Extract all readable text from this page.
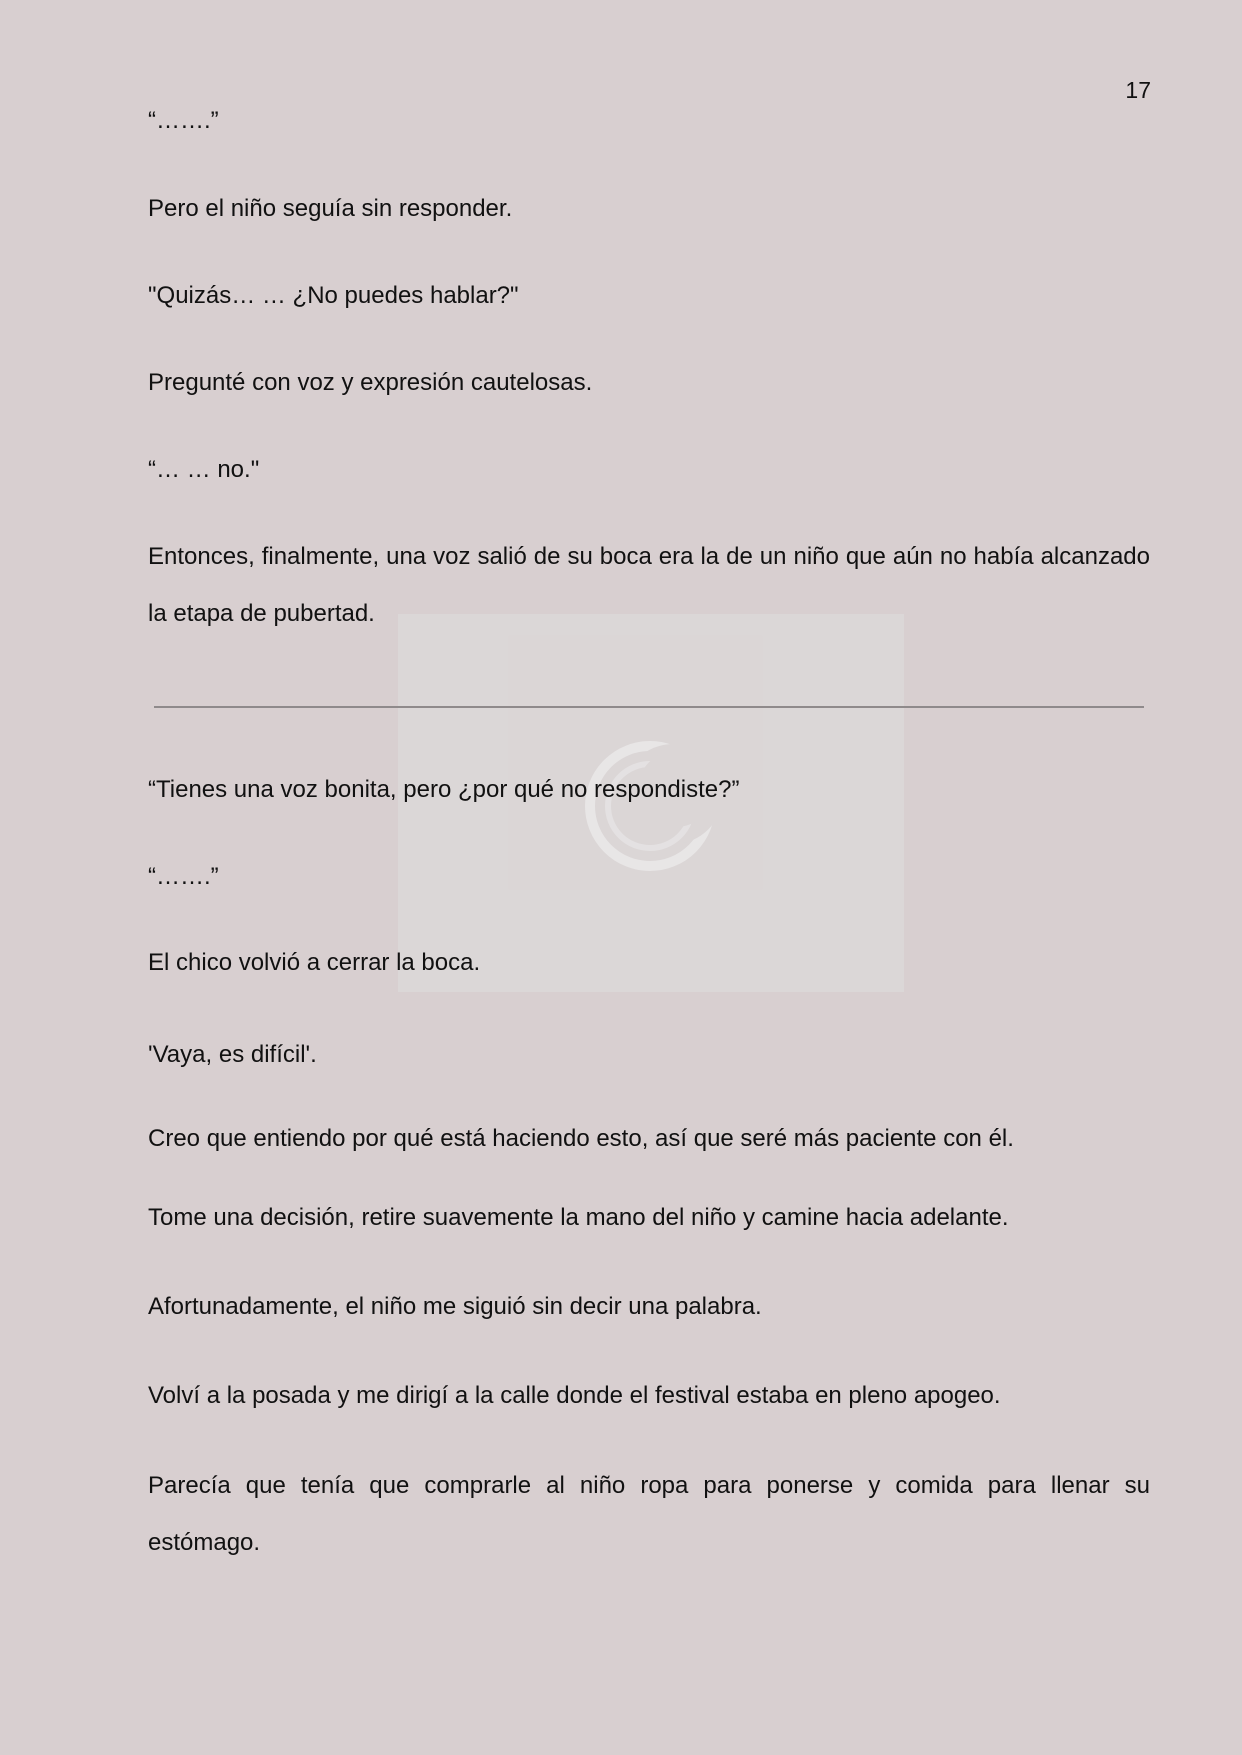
17

“…….”

Pero el niño seguía sin responder.

"Quizás… … ¿No puedes hablar?"

Pregunté con voz y expresión cautelosas.

“… … no."

Entonces, finalmente, una voz salió de su boca era la de un niño que aún no había alcanzado la etapa de pubertad.

“Tienes una voz bonita, pero ¿por qué no respondiste?”

“…….”

El chico volvió a cerrar la boca.

'Vaya, es difícil'.

Creo que entiendo por qué está haciendo esto, así que seré más paciente con él.

Tome una decisión, retire suavemente la mano del niño y camine hacia adelante.

Afortunadamente, el niño me siguió sin decir una palabra.

Volví a la posada y me dirigí a la calle donde el festival estaba en pleno apogeo.

Parecía que tenía que comprarle al niño ropa para ponerse y comida para llenar su estómago.
